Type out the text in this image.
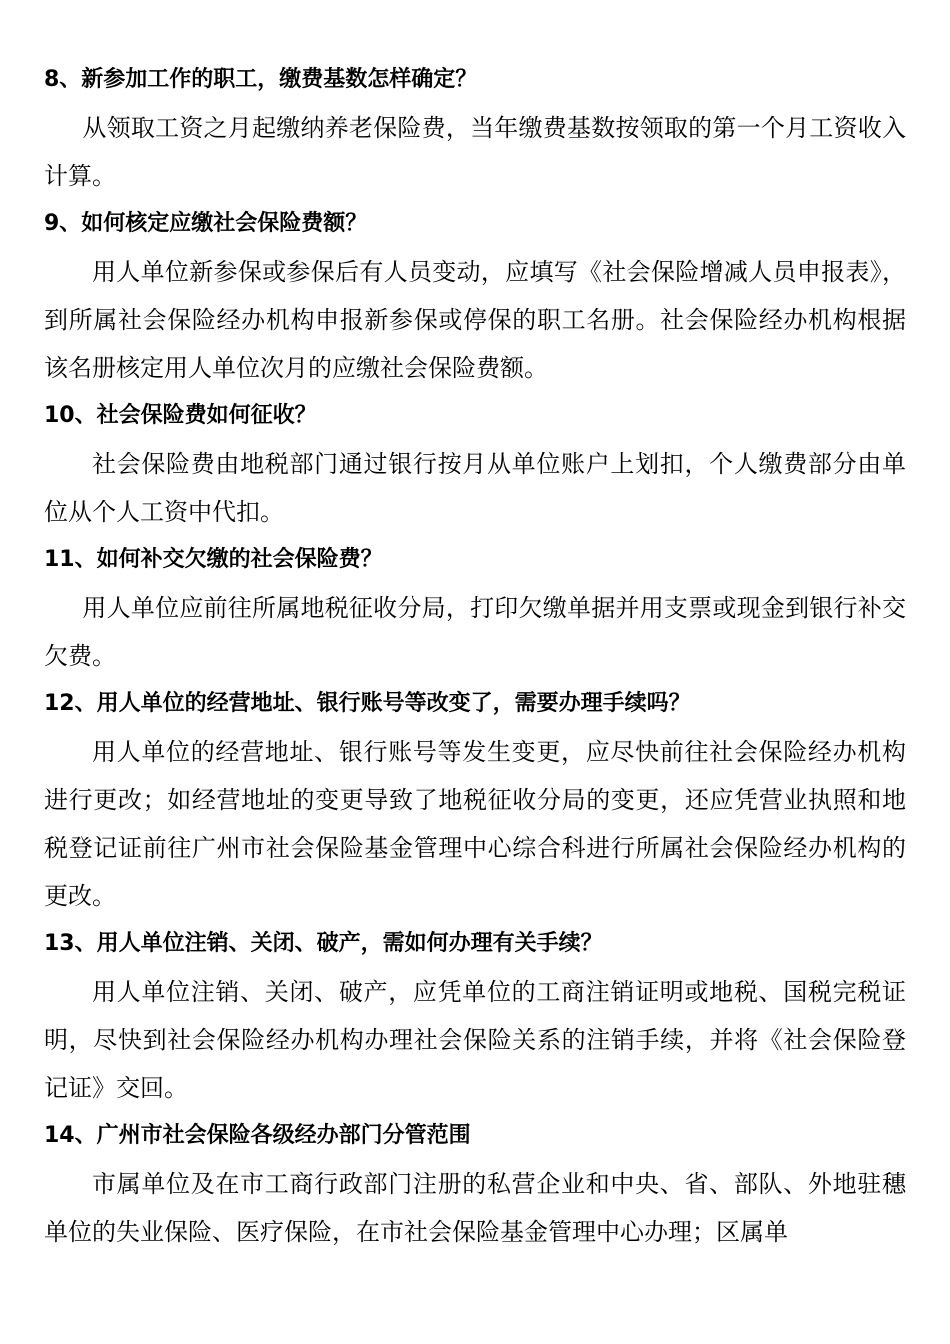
8、新参加工作的职工，缴费基数怎样确定？

从领取工资之月起缴纳养老保险费，当年缴费基数按领取的第一个月工资收入计算。

9、如何核定应缴社会保险费额？

用人单位新参保或参保后有人员变动，应填写《社会保险增减人员申报表》，到所属社会保险经办机构申报新参保或停保的职工名册。社会保险经办机构根据该名册核定用人单位次月的应缴社会保险费额。

10、社会保险费如何征收？

社会保险费由地税部门通过银行按月从单位账户上划扣，个人缴费部分由单位从个人工资中代扣。

11、如何补交欠缴的社会保险费？

用人单位应前往所属地税征收分局，打印欠缴单据并用支票或现金到银行补交欠费。

12、用人单位的经营地址、银行账号等改变了，需要办理手续吗？

用人单位的经营地址、银行账号等发生变更，应尽快前往社会保险经办机构进行更改；如经营地址的变更导致了地税征收分局的变更，还应凭营业执照和地税登记证前往广州市社会保险基金管理中心综合科进行所属社会保险经办机构的更改。

13、用人单位注销、关闭、破产，需如何办理有关手续？

用人单位注销、关闭、破产，应凭单位的工商注销证明或地税、国税完税证明，尽快到社会保险经办机构办理社会保险关系的注销手续，并将《社会保险登记证》交回。

14、广州市社会保险各级经办部门分管范围

市属单位及在市工商行政部门注册的私营企业和中央、省、部队、外地驻穗单位的失业保险、医疗保险，在市社会保险基金管理中心办理；区属单
